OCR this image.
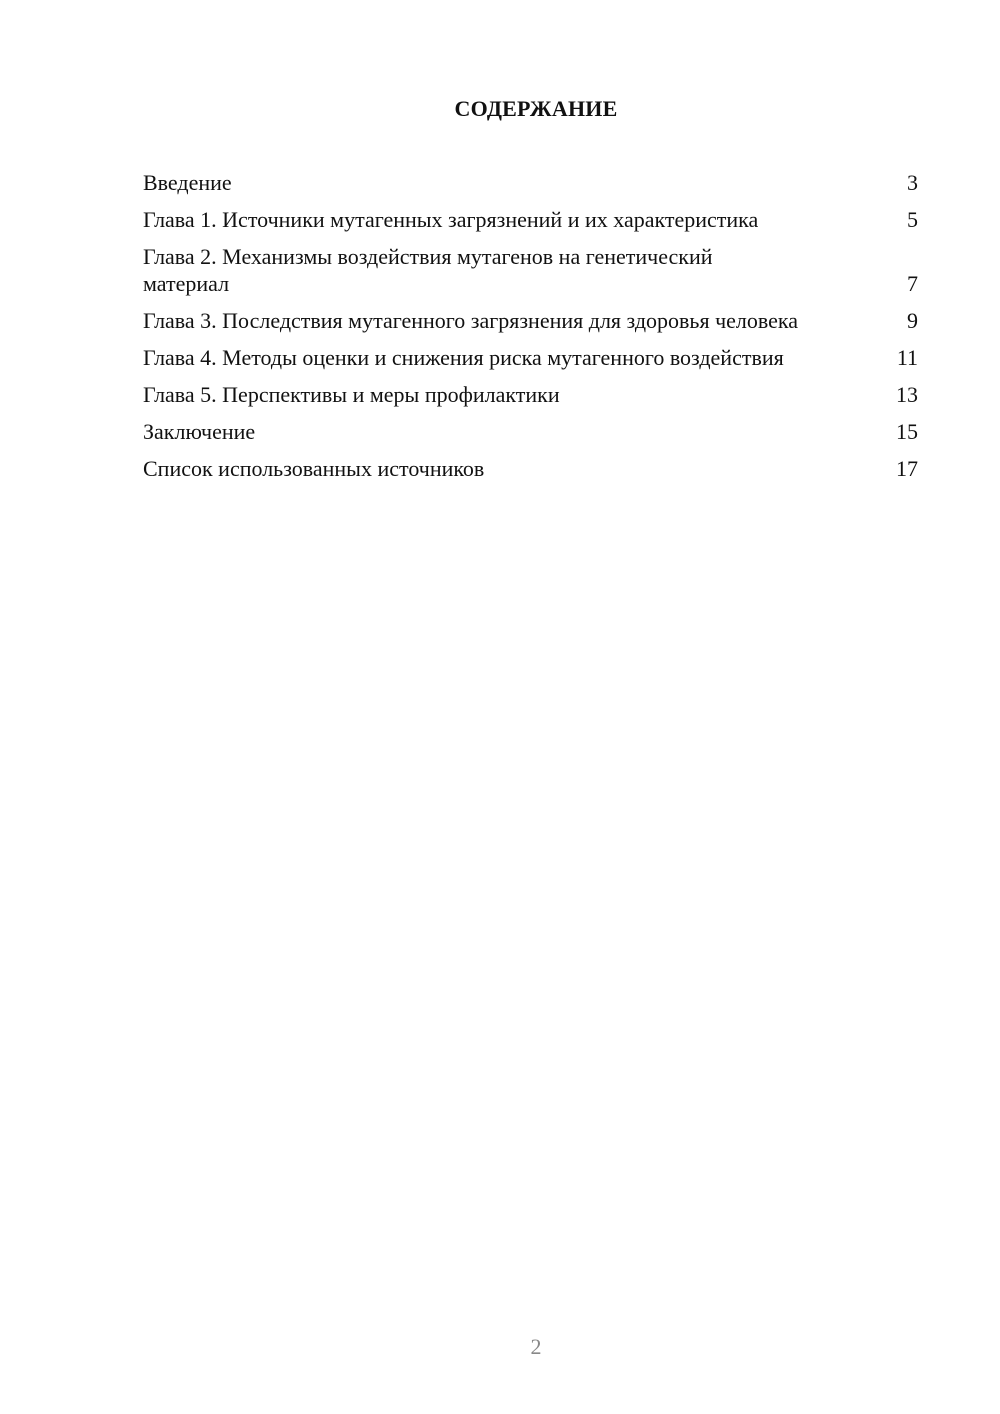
СОДЕРЖАНИЕ
Введение	3
Глава 1. Источники мутагенных загрязнений и их характеристика	5
Глава 2. Механизмы воздействия мутагенов на генетический материал	7
Глава 3. Последствия мутагенного загрязнения для здоровья человека	9
Глава 4. Методы оценки и снижения риска мутагенного воздействия	11
Глава 5. Перспективы и меры профилактики	13
Заключение	15
Список использованных источников	17
2
